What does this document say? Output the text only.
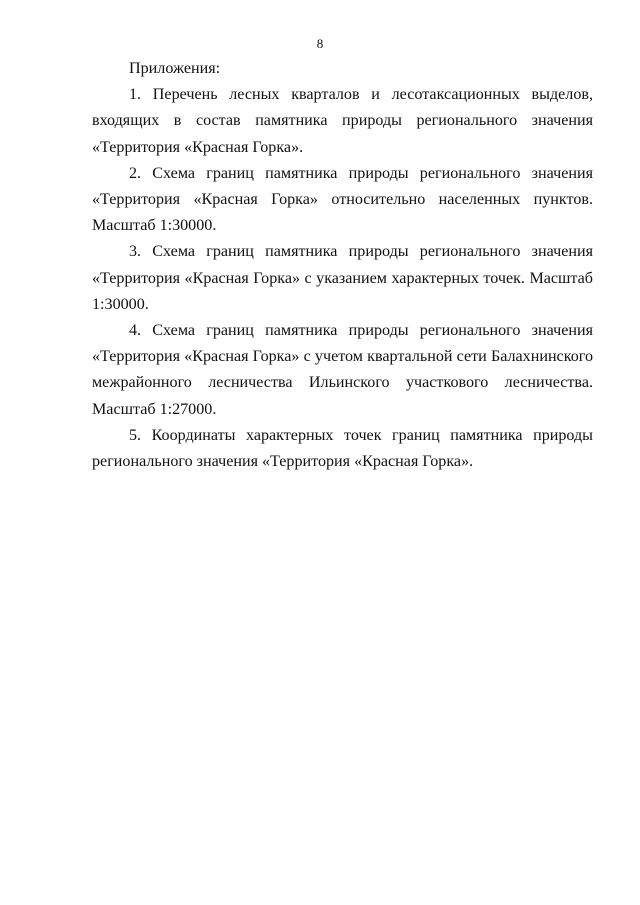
8

Приложения:

1. Перечень лесных кварталов и лесотаксационных выделов, входящих в состав памятника природы регионального значения «Территория «Красная Горка».

2. Схема границ памятника природы регионального значения «Территория «Красная Горка» относительно населенных пунктов. Масштаб 1:30000.

3. Схема границ памятника природы регионального значения «Территория «Красная Горка» с указанием характерных точек. Масштаб 1:30000.

4. Схема границ памятника природы регионального значения «Территория «Красная Горка» с учетом квартальной сети Балахнинского межрайонного лесничества Ильинского участкового лесничества. Масштаб 1:27000.

5. Координаты характерных точек границ памятника природы регионального значения «Территория «Красная Горка».
